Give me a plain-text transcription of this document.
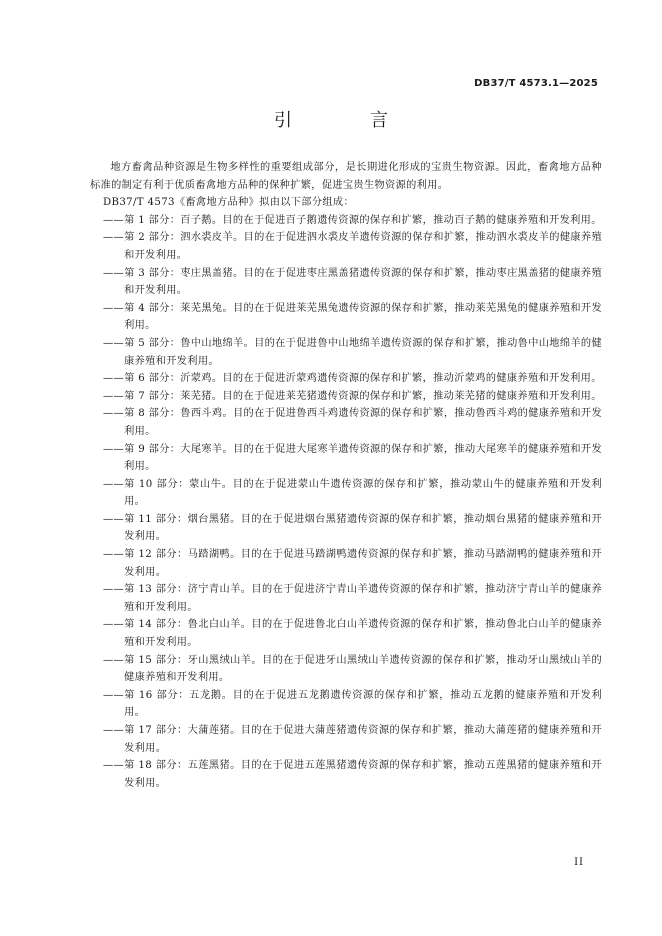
DB37/T 4573.1—2025
引　言

地方畜禽品种资源是生物多样性的重要组成部分，是长期进化形成的宝贵生物资源。因此，畜禽地方品种标准的制定有利于优质畜禽地方品种的保种扩繁，促进宝贵生物资源的利用。

DB37/T 4573《畜禽地方品种》拟由以下部分组成：

—— 第 1 部分：百子鹅。目的在于促进百子鹅遗传资源的保存和扩繁，推动百子鹅的健康养殖和开发利用。
—— 第 2 部分：泗水裘皮羊。目的在于促进泗水裘皮羊遗传资源的保存和扩繁，推动泗水裘皮羊的健康养殖和开发利用。
—— 第 3 部分：枣庄黑盖猪。目的在于促进枣庄黑盖猪遗传资源的保存和扩繁，推动枣庄黑盖猪的健康养殖和开发利用。
—— 第 4 部分：莱芜黑兔。目的在于促进莱芜黑兔遗传资源的保存和扩繁，推动莱芜黑兔的健康养殖和开发利用。
—— 第 5 部分：鲁中山地绵羊。目的在于促进鲁中山地绵羊遗传资源的保存和扩繁，推动鲁中山地绵羊的健康养殖和开发利用。
—— 第 6 部分：沂蒙鸡。目的在于促进沂蒙鸡遗传资源的保存和扩繁，推动沂蒙鸡的健康养殖和开发利用。
—— 第 7 部分：莱芜猪。目的在于促进莱芜猪遗传资源的保存和扩繁，推动莱芜猪的健康养殖和开发利用。
—— 第 8 部分：鲁西斗鸡。目的在于促进鲁西斗鸡遗传资源的保存和扩繁，推动鲁西斗鸡的健康养殖和开发利用。
—— 第 9 部分：大尾寒羊。目的在于促进大尾寒羊遗传资源的保存和扩繁，推动大尾寒羊的健康养殖和开发利用。
—— 第 10 部分：蒙山牛。目的在于促进蒙山牛遗传资源的保存和扩繁，推动蒙山牛的健康养殖和开发利用。
—— 第 11 部分：烟台黑猪。目的在于促进烟台黑猪遗传资源的保存和扩繁，推动烟台黑猪的健康养殖和开发利用。
—— 第 12 部分：马踏湖鸭。目的在于促进马踏湖鸭遗传资源的保存和扩繁，推动马踏湖鸭的健康养殖和开发利用。
—— 第 13 部分：济宁青山羊。目的在于促进济宁青山羊遗传资源的保存和扩繁，推动济宁青山羊的健康养殖和开发利用。
—— 第 14 部分：鲁北白山羊。目的在于促进鲁北白山羊遗传资源的保存和扩繁，推动鲁北白山羊的健康养殖和开发利用。
—— 第 15 部分：牙山黑绒山羊。目的在于促进牙山黑绒山羊遗传资源的保存和扩繁，推动牙山黑绒山羊的健康养殖和开发利用。
—— 第 16 部分：五龙鹅。目的在于促进五龙鹅遗传资源的保存和扩繁，推动五龙鹅的健康养殖和开发利用。
—— 第 17 部分：大蒲莲猪。目的在于促进大蒲莲猪遗传资源的保存和扩繁，推动大蒲莲猪的健康养殖和开发利用。
—— 第 18 部分：五莲黑猪。目的在于促进五莲黑猪遗传资源的保存和扩繁，推动五莲黑猪的健康养殖和开发利用。
II
